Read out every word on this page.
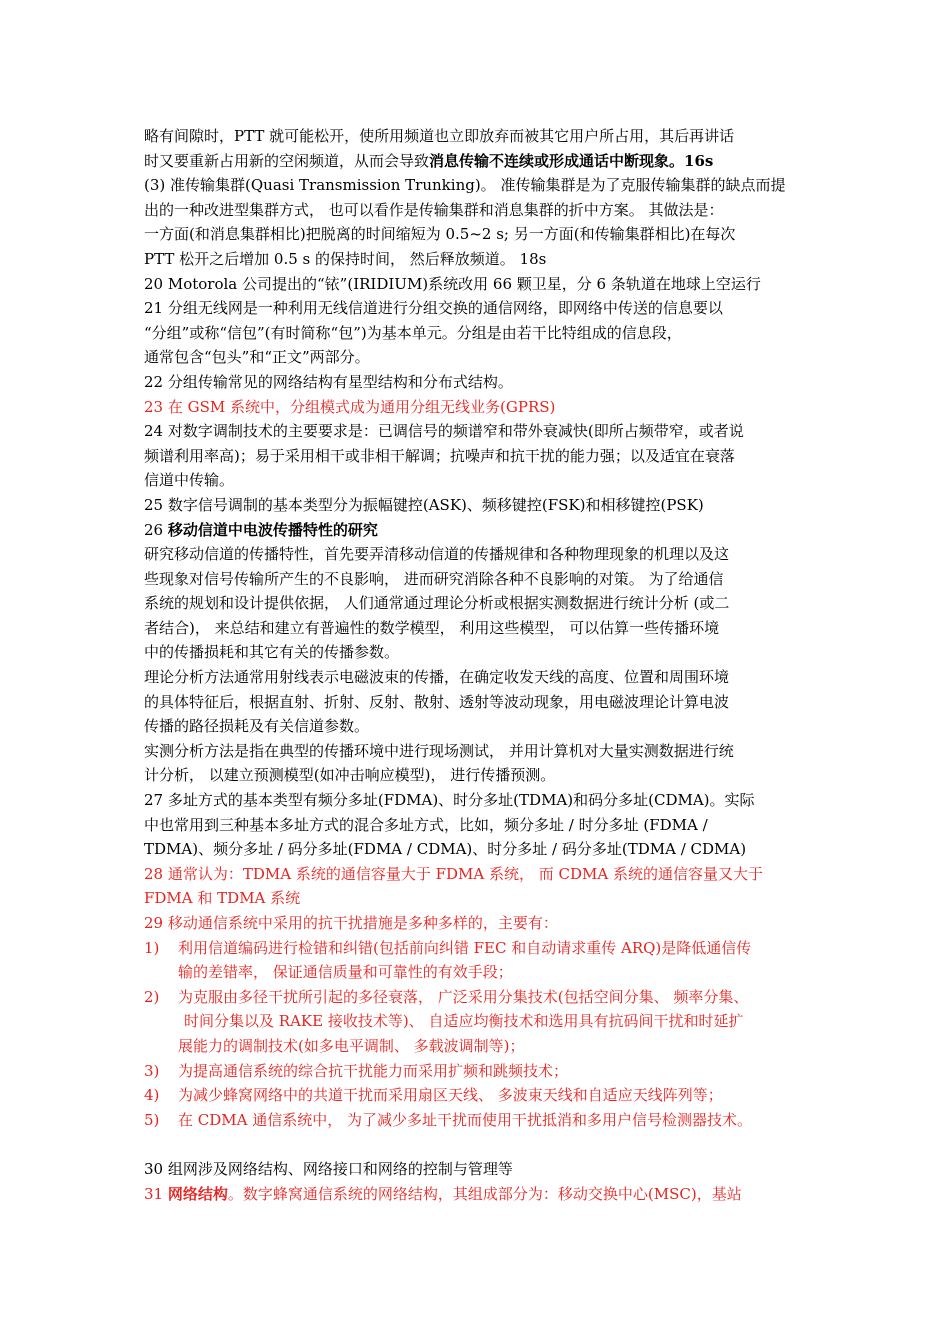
略有间隙时，PTT 就可能松开，使所用频道也立即放弃而被其它用户所占用，其后再讲话
时又要重新占用新的空闲频道，从而会导致消息传输不连续或形成通话中断现象。16s
(3) 准传输集群(Quasi Transmission Trunking)。 准传输集群是为了克服传输集群的缺点而提
出的一种改进型集群方式， 也可以看作是传输集群和消息集群的折中方案。 其做法是：
一方面(和消息集群相比)把脱离的时间缩短为 0.5~2 s; 另一方面(和传输集群相比)在每次
PTT 松开之后增加 0.5 s 的保持时间， 然后释放频道。 18s
20 Motorola 公司提出的“铱”(IRIDIUM)系统改用 66 颗卫星，分 6 条轨道在地球上空运行
21 分组无线网是一种利用无线信道进行分组交换的通信网络，即网络中传送的信息要以
“分组”或称“信包”(有时简称“包”)为基本单元。分组是由若干比特组成的信息段，
通常包含“包头”和“正文”两部分。
22 分组传输常见的网络结构有星型结构和分布式结构。
23 在 GSM 系统中，分组模式成为通用分组无线业务(GPRS)
24 对数字调制技术的主要要求是：已调信号的频谱窄和带外衰减快(即所占频带窄，或者说
频谱利用率高)；易于采用相干或非相干解调；抗噪声和抗干扰的能力强；以及适宜在衰落
信道中传输。
25 数字信号调制的基本类型分为振幅键控(ASK)、频移键控(FSK)和相移键控(PSK)
26 移动信道中电波传播特性的研究
研究移动信道的传播特性，首先要弄清移动信道的传播规律和各种物理现象的机理以及这
些现象对信号传输所产生的不良影响， 进而研究消除各种不良影响的对策。 为了给通信
系统的规划和设计提供依据， 人们通常通过理论分析或根据实测数据进行统计分析 (或二
者结合)， 来总结和建立有普遍性的数学模型， 利用这些模型， 可以估算一些传播环境
中的传播损耗和其它有关的传播参数。
理论分析方法通常用射线表示电磁波束的传播，在确定收发天线的高度、位置和周围环境
的具体特征后，根据直射、折射、反射、散射、透射等波动现象，用电磁波理论计算电波
传播的路径损耗及有关信道参数。
实测分析方法是指在典型的传播环境中进行现场测试， 并用计算机对大量实测数据进行统
计分析， 以建立预测模型(如冲击响应模型)， 进行传播预测。
27 多址方式的基本类型有频分多址(FDMA)、时分多址(TDMA)和码分多址(CDMA)。实际
中也常用到三种基本多址方式的混合多址方式，比如，频分多址 / 时分多址 (FDMA /
TDMA)、频分多址 / 码分多址(FDMA / CDMA)、时分多址 / 码分多址(TDMA / CDMA)
28 通常认为：TDMA 系统的通信容量大于 FDMA 系统， 而 CDMA 系统的通信容量又大于
FDMA 和 TDMA 系统
29 移动通信系统中采用的抗干扰措施是多种多样的，主要有：
1) 利用信道编码进行检错和纠错(包括前向纠错 FEC 和自动请求重传 ARQ)是降低通信传
输的差错率， 保证通信质量和可靠性的有效手段；
2) 为克服由多径干扰所引起的多径衰落， 广泛采用分集技术(包括空间分集、 频率分集、
时间分集以及 RAKE 接收技术等)、 自适应均衡技术和选用具有抗码间干扰和时延扩
展能力的调制技术(如多电平调制、 多载波调制等)；
3) 为提高通信系统的综合抗干扰能力而采用扩频和跳频技术；
4) 为减少蜂窝网络中的共道干扰而采用扇区天线、 多波束天线和自适应天线阵列等；
5) 在 CDMA 通信系统中， 为了减少多址干扰而使用干扰抵消和多用户信号检测器技术。
30 组网涉及网络结构、网络接口和网络的控制与管理等
31 网络结构。数字蜂窝通信系统的网络结构，其组成部分为：移动交换中心(MSC)，基站
